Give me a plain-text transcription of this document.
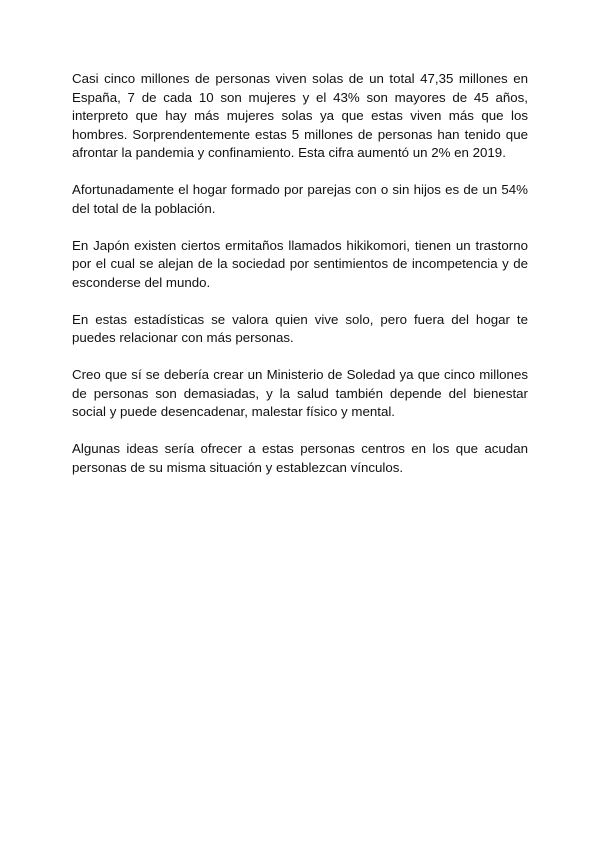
Casi cinco millones de personas viven solas de un total 47,35 millones en España, 7 de cada 10 son mujeres y el 43% son mayores de 45 años, interpreto que hay más mujeres solas ya que estas viven más que los hombres. Sorprendentemente estas 5 millones de personas han tenido que afrontar la pandemia y confinamiento. Esta cifra aumentó un 2% en 2019.

Afortunadamente el hogar formado por parejas con o sin hijos es de un 54% del total de la población.

En Japón existen ciertos ermitaños llamados hikikomori, tienen un trastorno por el cual se alejan de la sociedad por sentimientos de incompetencia y de esconderse del mundo.

En estas estadísticas se valora quien vive solo, pero fuera del hogar te puedes relacionar con más personas.

Creo que sí se debería crear un Ministerio de Soledad ya que cinco millones de personas son demasiadas, y la salud también depende del bienestar social y puede desencadenar, malestar físico y mental.

Algunas ideas sería ofrecer a estas personas centros en los que acudan personas de su misma situación y establezcan vínculos.
